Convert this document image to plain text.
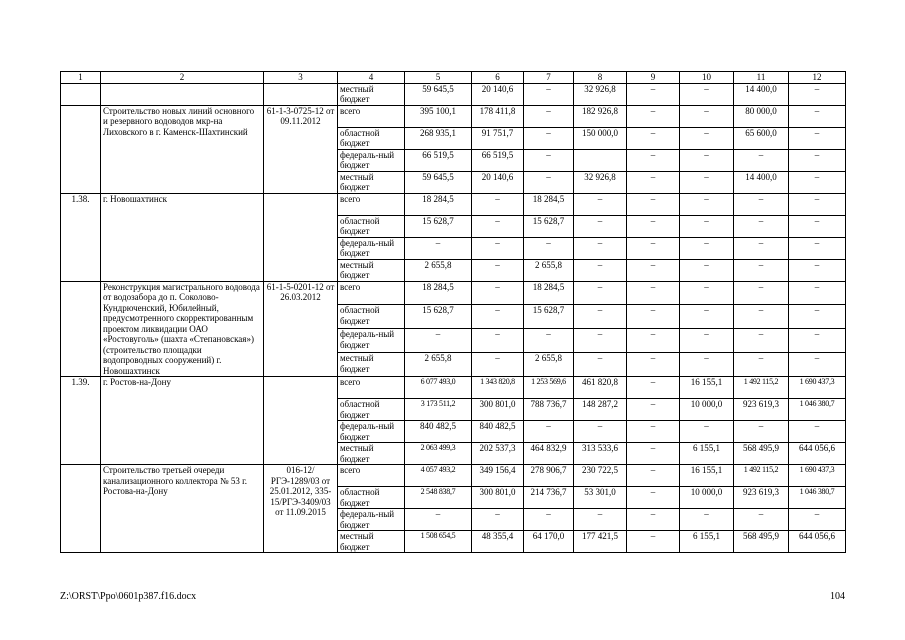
1	2	3	4	5	6	7	8	9	10	11	12
			местный бюджет	59 645,5	20 140,6	–	32 926,8	–	–	14 400,0	–
	Строительство новых линий основного и резервного водоводов мкр-на Лиховского в г. Каменск-Шахтинский	61-1-3-0725-12 от 09.11.2012	всего	395 100,1	178 411,8	–	182 926,8	–	–	80 000,0	–
			областной бюджет	268 935,1	91 751,7	–	150 000,0	–	–	65 600,0	–
			федераль-ный бюджет	66 519,5	66 519,5	–		–	–	–	–
			местный бюджет	59 645,5	20 140,6	–	32 926,8	–	–	14 400,0	–
1.38.	г. Новошахтинск		всего	18 284,5	–	18 284,5	–	–	–	–	–
			областной бюджет	15 628,7	–	15 628,7	–	–	–	–	–
			федераль-ный бюджет	–	–	–	–	–	–	–	–
			местный бюджет	2 655,8	–	2 655,8	–	–	–	–	–
	Реконструкция магистрального водовода от водозабора до п. Соколово-Кундрюченский, Юбилейный, предусмотренного скорректированным проектом ликвидации ОАО «Ростовуголь» (шахта «Степановская») (строительство площадки водопроводных сооружений) г. Новошахтинск	61-1-5-0201-12 от 26.03.2012	всего	18 284,5	–	18 284,5	–	–	–	–	–
			областной бюджет	15 628,7	–	15 628,7	–	–	–	–	–
			федераль-ный бюджет	–	–	–	–	–	–	–	–
			местный бюджет	2 655,8	–	2 655,8	–	–	–	–	–
1.39.	г. Ростов-на-Дону		всего	6 077 493,0	1 343 820,8	1 253 569,6	461 820,8	–	16 155,1	1 492 115,2	1 690 437,3
			областной бюджет	3 173 511,2	300 801,0	788 736,7	148 287,2	–	10 000,0	923 619,3	1 046 380,7
			федераль-ный бюджет	840 482,5	840 482,5	–	–	–	–	–	–
			местный бюджет	2 063 499,3	202 537,3	464 832,9	313 533,6	–	6 155,1	568 495,9	644 056,6
	Строительство третьей очереди канализационного коллектора № 53 г. Ростова-на-Дону	016-12/РГЭ-1289/03 от 25.01.2012, 335-15/РГЭ-3409/03 от 11.09.2015	всего	4 057 493,2	349 156,4	278 906,7	230 722,5	–	16 155,1	1 492 115,2	1 690 437,3
			областной бюджет	2 548 838,7	300 801,0	214 736,7	53 301,0	–	10 000,0	923 619,3	1 046 380,7
			федераль-ный бюджет	–	–	–	–	–	–	–	–
			местный бюджет	1 508 654,5	48 355,4	64 170,0	177 421,5	–	6 155,1	568 495,9	644 056,6
Z:\ORST\Ppo\0601p387.f16.docx	104
